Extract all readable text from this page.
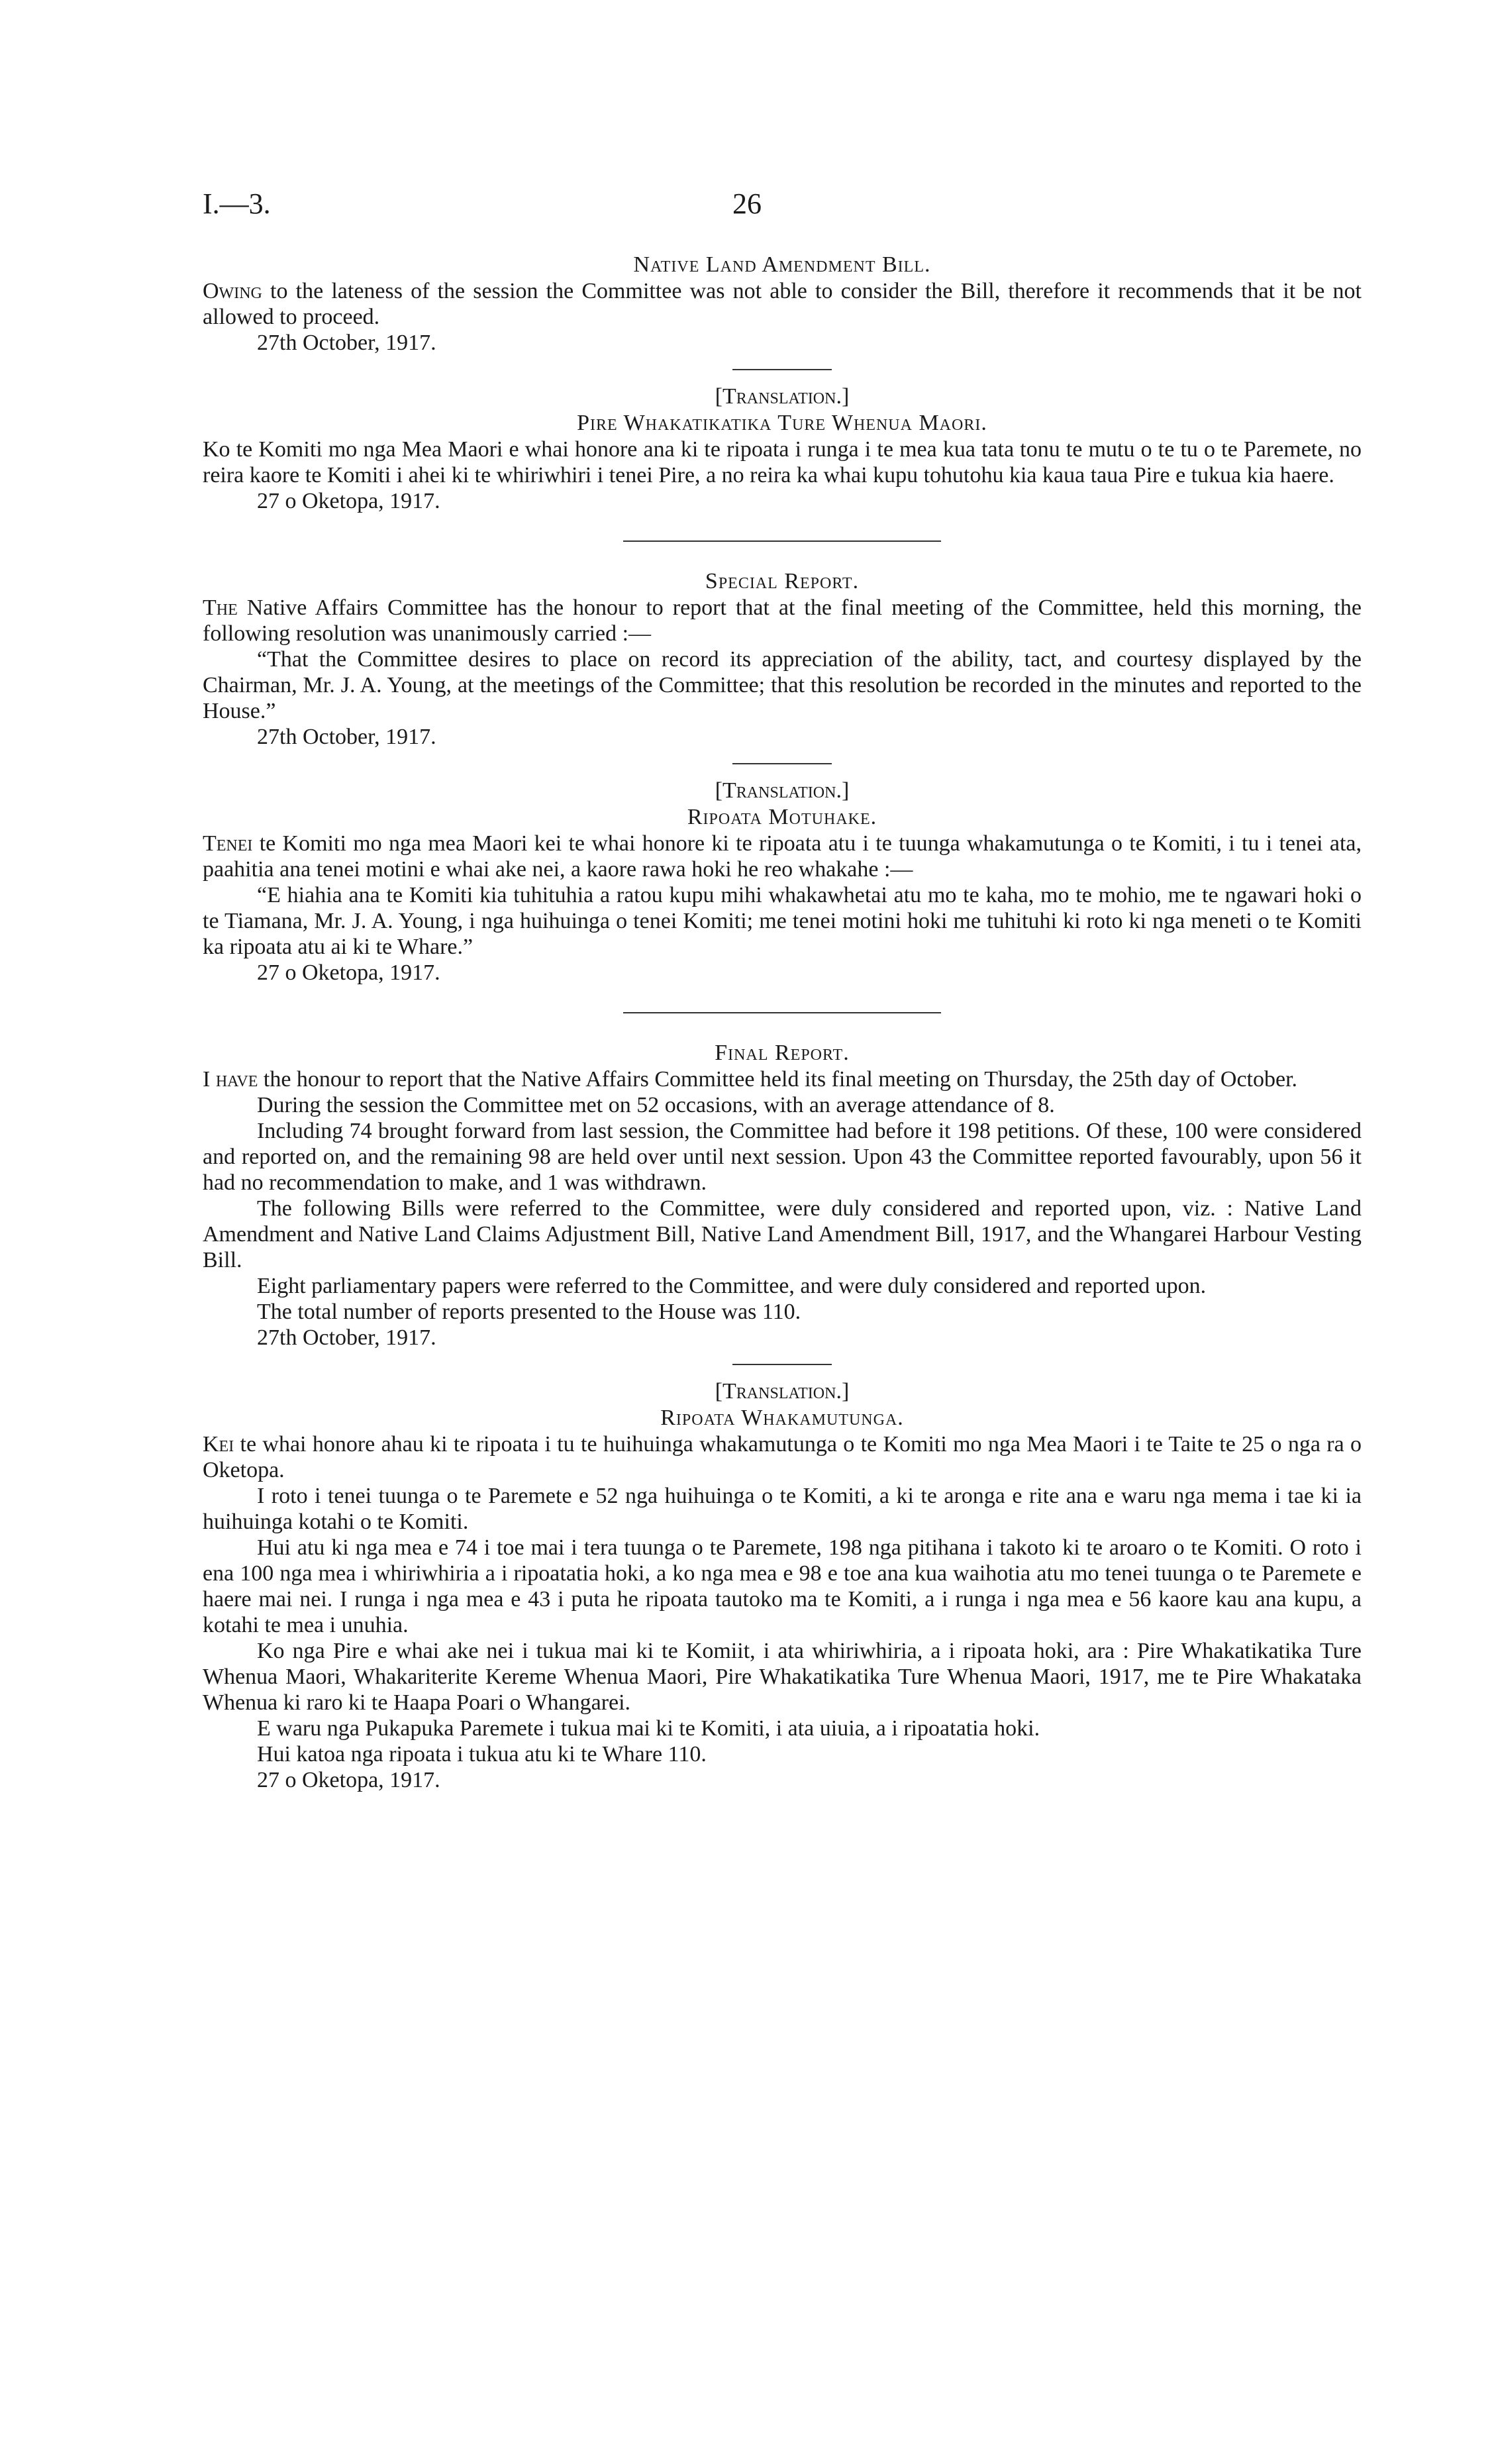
26
I.—3.
Native Land Amendment Bill.

Owing to the lateness of the session the Committee was not able to consider the Bill, therefore it recommends that it be not allowed to proceed.

27th October, 1917.
[Translation.]
Pire Whakatikatika Ture Whenua Maori.

Ko te Komiti mo nga Mea Maori e whai honore ana ki te ripoata i runga i te mea kua tata tonu te mutu o te tu o te Paremete, no reira kaore te Komiti i ahei ki te whiriwhiri i tenei Pire, a no reira ka whai kupu tohutohu kia kaua taua Pire e tukua kia haere.

27 o Oketopa, 1917.
Special Report.

The Native Affairs Committee has the honour to report that at the final meeting of the Committee, held this morning, the following resolution was unanimously carried :—

“That the Committee desires to place on record its appreciation of the ability, tact, and courtesy displayed by the Chairman, Mr. J. A. Young, at the meetings of the Committee; that this resolution be recorded in the minutes and reported to the House.”

27th October, 1917.
[Translation.]
Ripoata Motuhake.

Tenei te Komiti mo nga mea Maori kei te whai honore ki te ripoata atu i te tuunga whakamutunga o te Komiti, i tu i tenei ata, paahitia ana tenei motini e whai ake nei, a kaore rawa hoki he reo whakahe :—

“E hiahia ana te Komiti kia tuhituhia a ratou kupu mihi whakawhetai atu mo te kaha, mo te mohio, me te ngawari hoki o te Tiamana, Mr. J. A. Young, i nga huihuinga o tenei Komiti; me tenei motini hoki me tuhituhi ki roto ki nga meneti o te Komiti ka ripoata atu ai ki te Whare.”

27 o Oketopa, 1917.
Final Report.

I have the honour to report that the Native Affairs Committee held its final meeting on Thursday, the 25th day of October.

During the session the Committee met on 52 occasions, with an average attendance of 8.

Including 74 brought forward from last session, the Committee had before it 198 petitions. Of these, 100 were considered and reported on, and the remaining 98 are held over until next session. Upon 43 the Committee reported favourably, upon 56 it had no recommendation to make, and 1 was withdrawn.

The following Bills were referred to the Committee, were duly considered and reported upon, viz. : Native Land Amendment and Native Land Claims Adjustment Bill, Native Land Amendment Bill, 1917, and the Whangarei Harbour Vesting Bill.

Eight parliamentary papers were referred to the Committee, and were duly considered and reported upon.

The total number of reports presented to the House was 110.

27th October, 1917.
[Translation.]
Ripoata Whakamutunga.

Kei te whai honore ahau ki te ripoata i tu te huihuinga whakamutunga o te Komiti mo nga Mea Maori i te Taite te 25 o nga ra o Oketopa.

I roto i tenei tuunga o te Paremete e 52 nga huihuinga o te Komiti, a ki te aronga e rite ana e waru nga mema i tae ki ia huihuinga kotahi o te Komiti.

Hui atu ki nga mea e 74 i toe mai i tera tuunga o te Paremete, 198 nga pitihana i takoto ki te aroaro o te Komiti. O roto i ena 100 nga mea i whiriwhiria a i ripoatatia hoki, a ko nga mea e 98 e toe ana kua waihotia atu mo tenei tuunga o te Paremete e haere mai nei. I runga i nga mea e 43 i puta he ripoata tautoko ma te Komiti, a i runga i nga mea e 56 kaore kau ana kupu, a kotahi te mea i unuhia.

Ko nga Pire e whai ake nei i tukua mai ki te Komiit, i ata whiriwhiria, a i ripoata hoki, ara : Pire Whakatikatika Ture Whenua Maori, Whakariterite Kereme Whenua Maori, Pire Whakatikatika Ture Whenua Maori, 1917, me te Pire Whakataka Whenua ki raro ki te Haapa Poari o Whangarei.

E waru nga Pukapuka Paremete i tukua mai ki te Komiti, i ata uiuia, a i ripoatatia hoki.

Hui katoa nga ripoata i tukua atu ki te Whare 110.

27 o Oketopa, 1917.
